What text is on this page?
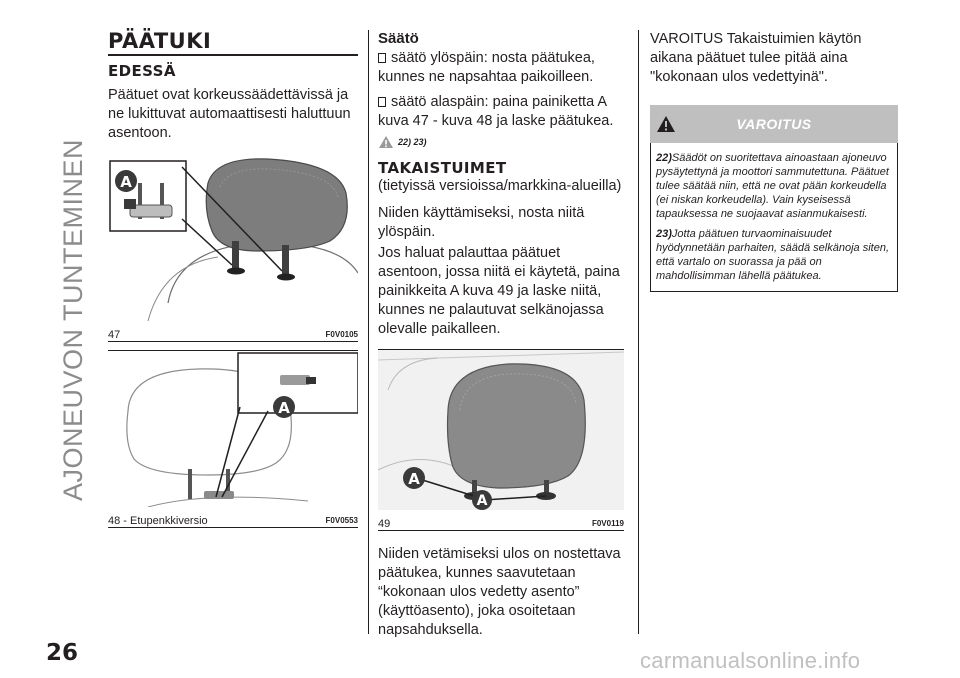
AJONEUVON TUNTEMINEN
PÄÄTUKI
EDESSÄ

Päätuet ovat korkeussäädettävissä ja ne lukittuvat automaattisesti haluttuun asentoon.

A
47	F0V0105
A
48 - Etupenkkiversio	F0V0553
Säätö

säätö ylöspäin: nosta päätukea, kunnes ne napsahtaa paikoilleen.

säätö alaspäin: paina painiketta A kuva 47 - kuva 48 ja laske päätukea.

22) 23)
TAKAISTUIMET

(tietyissä versioissa/markkina-alueilla)

Niiden käyttämiseksi, nosta niitä ylöspäin.

Jos haluat palauttaa päätuet asentoon, jossa niitä ei käytetä, paina painikkeita A kuva 49 ja laske niitä, kunnes ne palautuvat selkänojassa olevalle paikalleen.

A
A
49	F0V0119

Niiden vetämiseksi ulos on nostettava päätukea, kunnes saavutetaan “kokonaan ulos vedetty asento” (käyttöasento), joka osoitetaan napsahduksella.

VAROITUS Takaistuimien käytön aikana päätuet tulee pitää aina "kokonaan ulos vedettyinä".

VAROITUS

22)Säädöt on suoritettava ainoastaan ajoneuvo pysäytettynä ja moottori sammutettuna. Päätuet tulee säätää niin, että ne ovat pään korkeudella (ei niskan korkeudella). Vain kyseisessä tapauksessa ne suojaavat asianmukaisesti.

23)Jotta päätuen turvaominaisuudet hyödynnetään parhaiten, säädä selkänoja siten, että vartalo on suorassa ja pää on mahdollisimman lähellä päätukea.

26	carmanualsonline.info
